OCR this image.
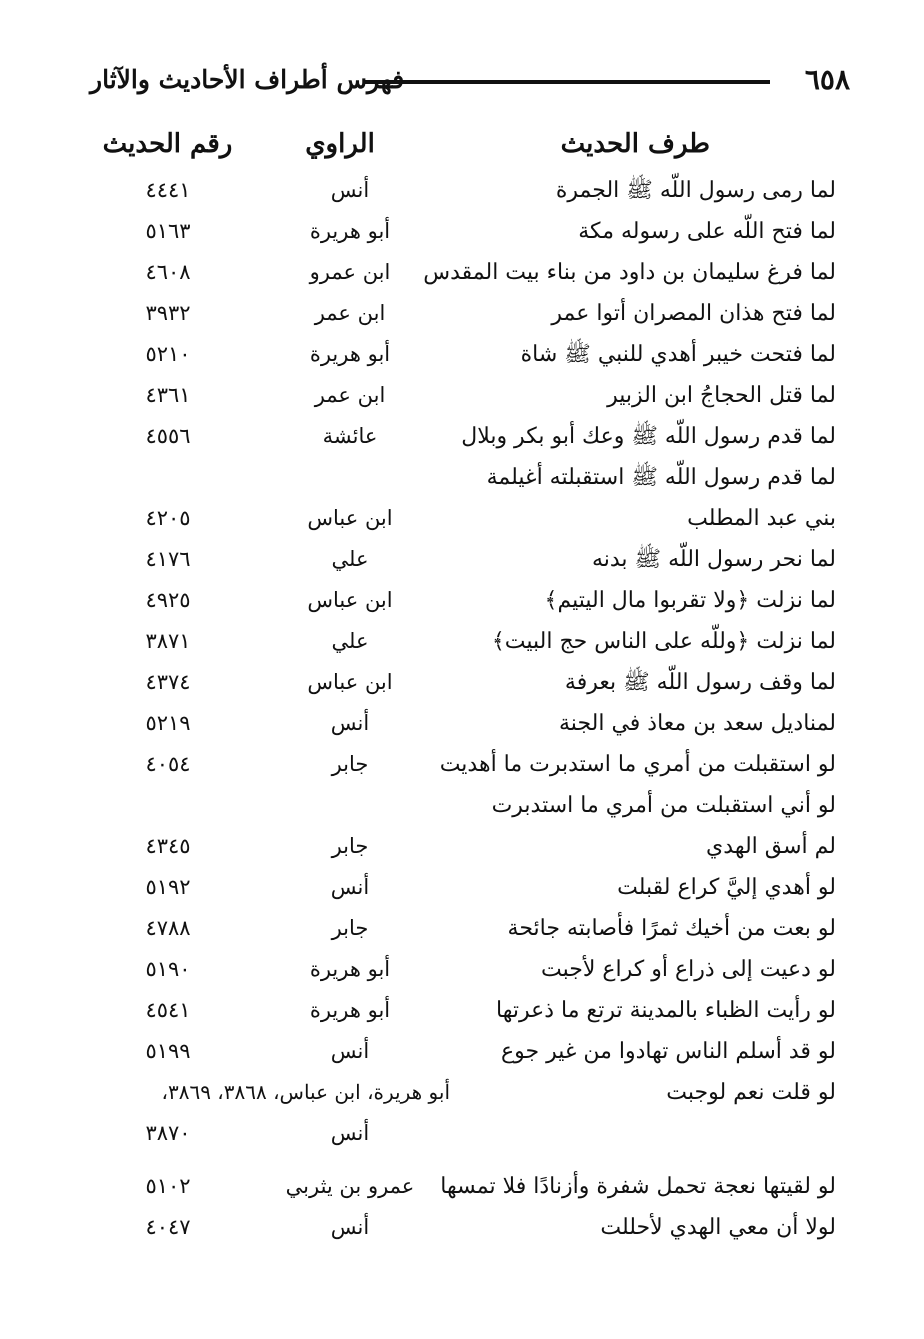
٦٥٨
فهرس أطراف الأحاديث والآثار
طرف الحديث
الراوي
رقم الحديث
لما رمى رسول اللّه ﷺ الجمرة
أنس
٤٤٤١
لما فتح اللّه على رسوله مكة
أبو هريرة
٥١٦٣
لما فرغ سليمان بن داود من بناء بيت المقدس
ابن عمرو
٤٦٠٨
لما فتح هذان المصران أتوا عمر
ابن عمر
٣٩٣٢
لما فتحت خيبر أهدي للنبي ﷺ شاة
أبو هريرة
٥٢١٠
لما قتل الحجاجُ ابن الزبير
ابن عمر
٤٣٦١
لما قدم رسول اللّه ﷺ وعك أبو بكر وبلال
عائشة
٤٥٥٦
لما قدم رسول اللّه ﷺ استقبلته أغيلمة
بني عبد المطلب
ابن عباس
٤٢٠٥
لما نحر رسول اللّه ﷺ بدنه
علي
٤١٧٦
لما نزلت ﴿ولا تقربوا مال اليتيم﴾
ابن عباس
٤٩٢٥
لما نزلت ﴿وللّه على الناس حج البيت﴾
علي
٣٨٧١
لما وقف رسول اللّه ﷺ بعرفة
ابن عباس
٤٣٧٤
لمناديل سعد بن معاذ في الجنة
أنس
٥٢١٩
لو استقبلت من أمري ما استدبرت ما أهديت
جابر
٤٠٥٤
لو أني استقبلت من أمري ما استدبرت
لم أسق الهدي
جابر
٤٣٤٥
لو أهدي إليَّ كراع لقبلت
أنس
٥١٩٢
لو بعت من أخيك ثمرًا فأصابته جائحة
جابر
٤٧٨٨
لو دعيت إلى ذراع أو كراع لأجبت
أبو هريرة
٥١٩٠
لو رأيت الظباء بالمدينة ترتع ما ذعرتها
أبو هريرة
٤٥٤١
لو قد أسلم الناس تهادوا من غير جوع
أنس
٥١٩٩
لو قلت نعم لوجبت
أبو هريرة، ابن عباس، ٣٨٦٨، ٣٨٦٩،
أنس
٣٨٧٠
لو لقيتها نعجة تحمل شفرة وأزنادًا فلا تمسها
عمرو بن يثربي
٥١٠٢
لولا أن معي الهدي لأحللت
أنس
٤٠٤٧
